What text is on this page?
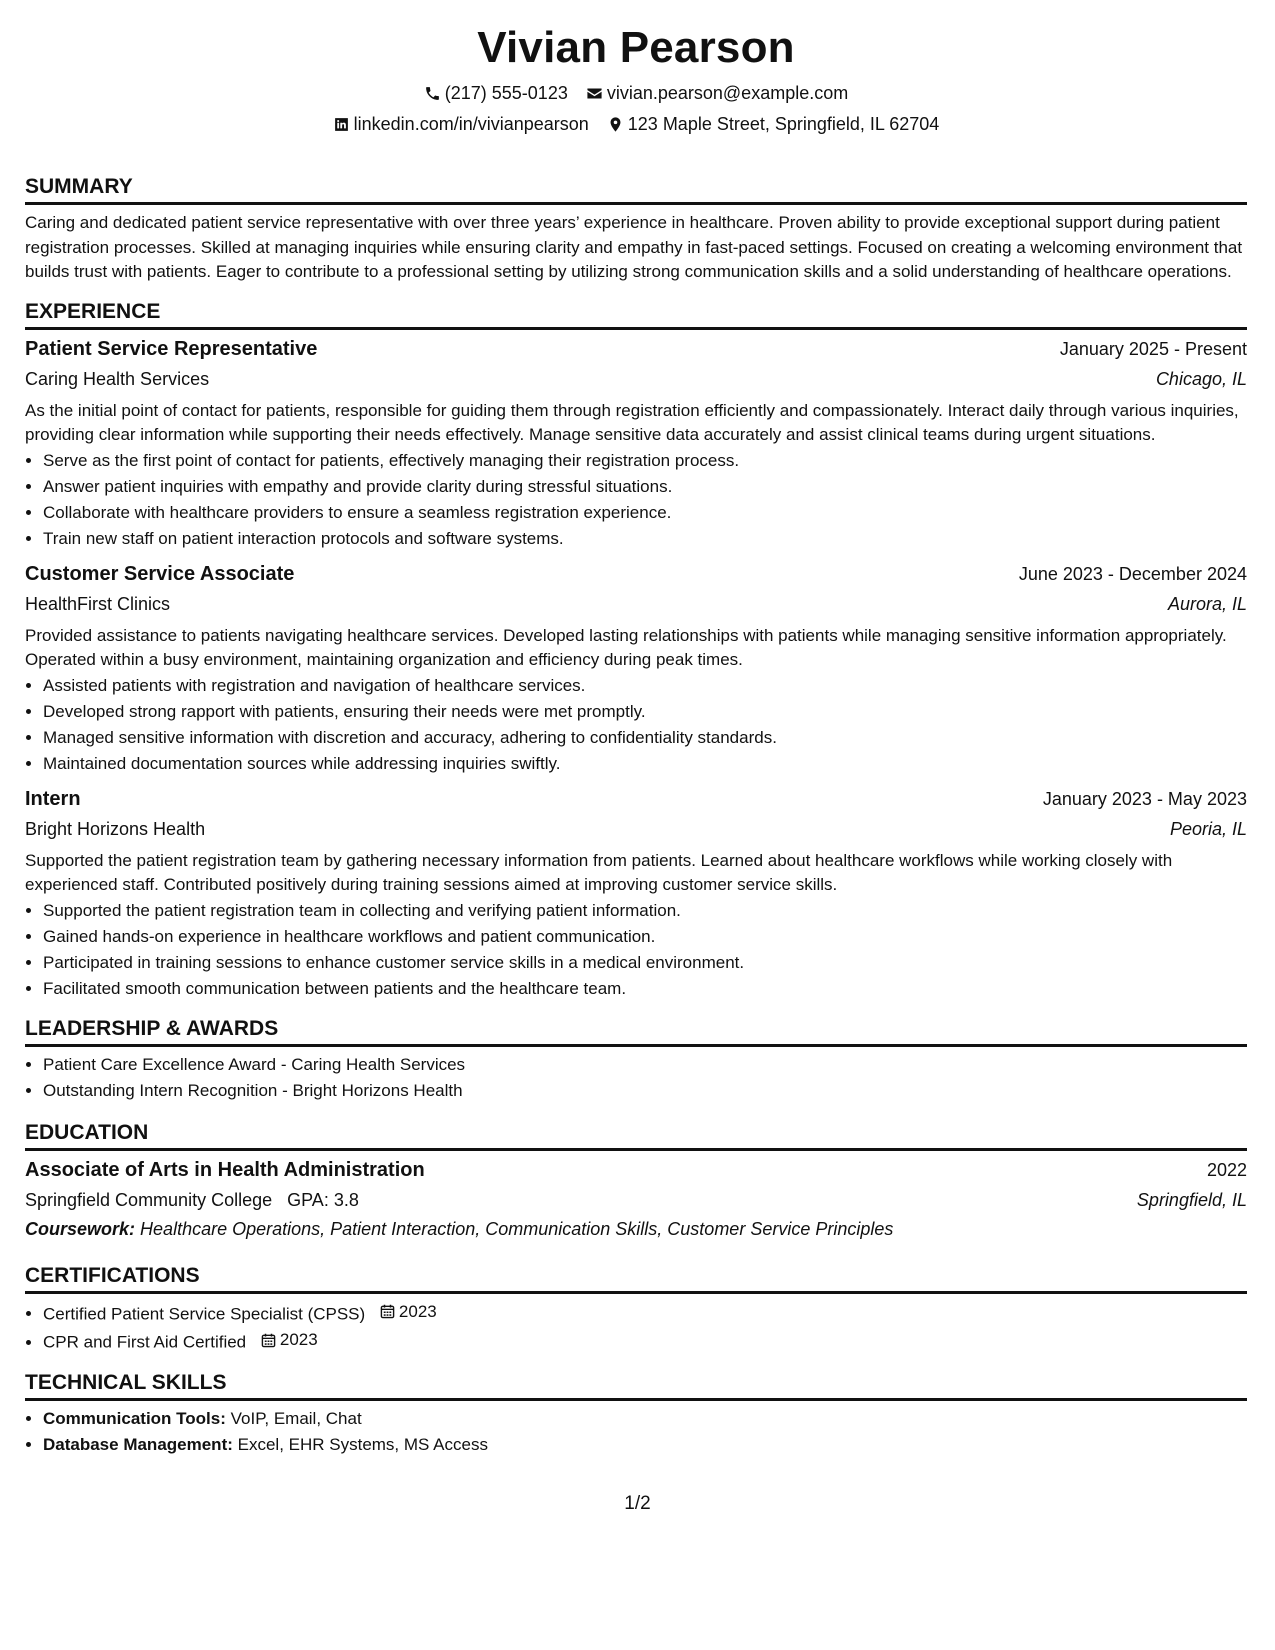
Vivian Pearson
(217) 555-0123 vivian.pearson@example.com
linkedin.com/in/vivianpearson 123 Maple Street, Springfield, IL 62704
SUMMARY

Caring and dedicated patient service representative with over three years’ experience in healthcare. Proven ability to provide exceptional support during patient registration processes. Skilled at managing inquiries while ensuring clarity and empathy in fast-paced settings. Focused on creating a welcoming environment that builds trust with patients. Eager to contribute to a professional setting by utilizing strong communication skills and a solid understanding of healthcare operations.

EXPERIENCE
Patient Service Representative	January 2025 - Present
Caring Health Services	Chicago, IL

As the initial point of contact for patients, responsible for guiding them through registration efficiently and compassionately. Interact daily through various inquiries, providing clear information while supporting their needs effectively. Manage sensitive data accurately and assist clinical teams during urgent situations.

• Serve as the first point of contact for patients, effectively managing their registration process.
• Answer patient inquiries with empathy and provide clarity during stressful situations.
• Collaborate with healthcare providers to ensure a seamless registration experience.
• Train new staff on patient interaction protocols and software systems.
Customer Service Associate	June 2023 - December 2024
HealthFirst Clinics	Aurora, IL

Provided assistance to patients navigating healthcare services. Developed lasting relationships with patients while managing sensitive information appropriately. Operated within a busy environment, maintaining organization and efficiency during peak times.

• Assisted patients with registration and navigation of healthcare services.
• Developed strong rapport with patients, ensuring their needs were met promptly.
• Managed sensitive information with discretion and accuracy, adhering to confidentiality standards.
• Maintained documentation sources while addressing inquiries swiftly.
Intern	January 2023 - May 2023
Bright Horizons Health	Peoria, IL

Supported the patient registration team by gathering necessary information from patients. Learned about healthcare workflows while working closely with experienced staff. Contributed positively during training sessions aimed at improving customer service skills.

• Supported the patient registration team in collecting and verifying patient information.
• Gained hands-on experience in healthcare workflows and patient communication.
• Participated in training sessions to enhance customer service skills in a medical environment.
• Facilitated smooth communication between patients and the healthcare team.
LEADERSHIP & AWARDS
• Patient Care Excellence Award - Caring Health Services
• Outstanding Intern Recognition - Bright Horizons Health
EDUCATION
Associate of Arts in Health Administration	2022
Springfield Community College GPA: 3.8	Springfield, IL
Coursework: Healthcare Operations, Patient Interaction, Communication Skills, Customer Service Principles
CERTIFICATIONS
• Certified Patient Service Specialist (CPSS) 2023
• CPR and First Aid Certified 2023
TECHNICAL SKILLS
• Communication Tools: VoIP, Email, Chat
• Database Management: Excel, EHR Systems, MS Access
1/2
